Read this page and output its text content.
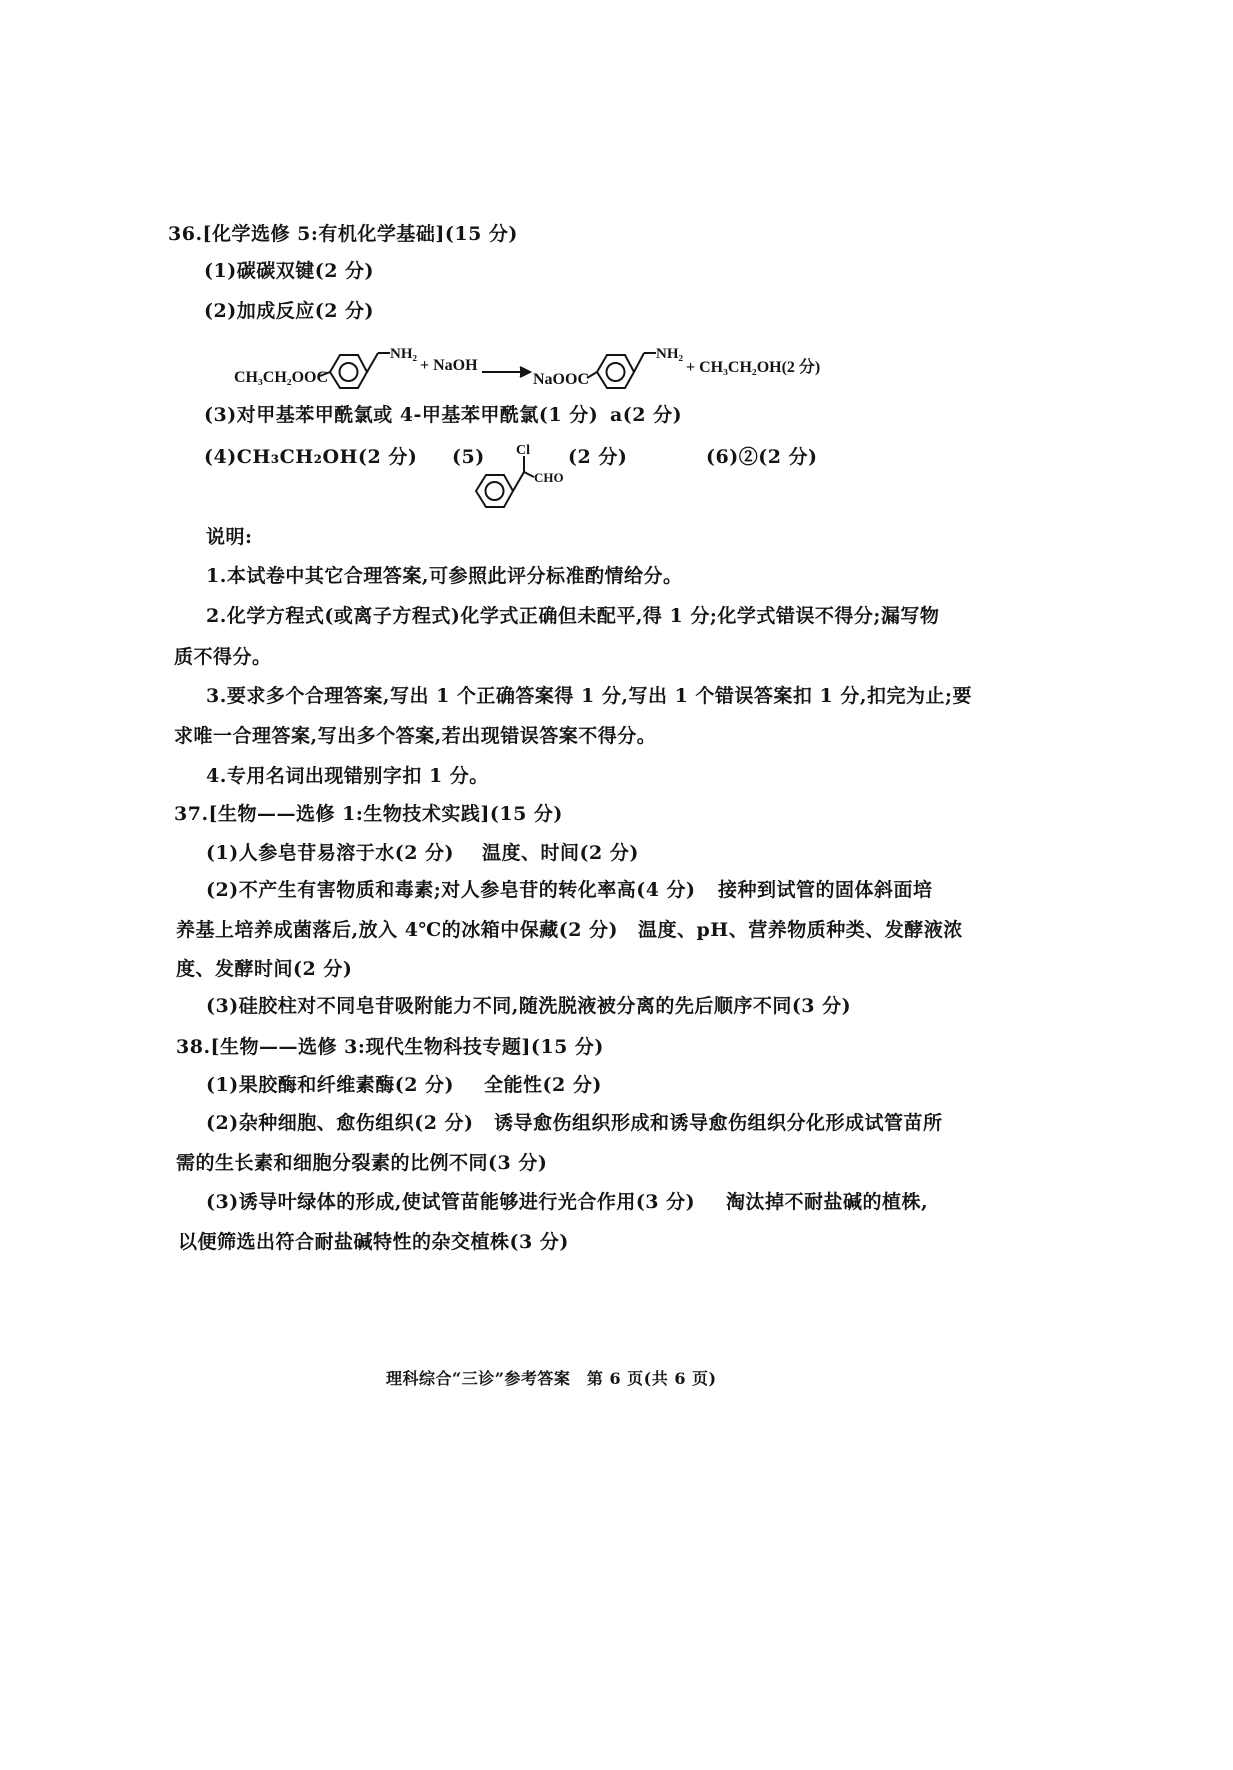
36.[化学选修 5:有机化学基础](15 分)
(1)碳碳双键(2 分)
(2)加成反应(2 分)
CH₃CH₂OOC
NH₂
+ NaOH
NaOOC
NH₂
+ CH₃CH₂OH(2 分)
(3)对甲基苯甲酰氯或 4-甲基苯甲酰氯(1 分) a(2 分)
(4)CH₃CH₂OH(2 分) (5) Cl
CHO
(2 分)	(6)②(2 分)
说明:
1.本试卷中其它合理答案,可参照此评分标准酌情给分。
2.化学方程式(或离子方程式)化学式正确但未配平,得 1 分;化学式错误不得分;漏写物
质不得分。
3.要求多个合理答案,写出 1 个正确答案得 1 分,写出 1 个错误答案扣 1 分,扣完为止;要
求唯一合理答案,写出多个答案,若出现错误答案不得分。
4.专用名词出现错别字扣 1 分。
37.[生物——选修 1:生物技术实践](15 分)
(1)人参皂苷易溶于水(2 分) 温度、时间(2 分)
(2)不产生有害物质和毒素;对人参皂苷的转化率高(4 分) 接种到试管的固体斜面培
养基上培养成菌落后,放入 4℃的冰箱中保藏(2 分) 温度、pH、营养物质种类、发酵液浓
度、发酵时间(2 分)
(3)硅胶柱对不同皂苷吸附能力不同,随洗脱液被分离的先后顺序不同(3 分)
38.[生物——选修 3:现代生物科技专题](15 分)
(1)果胶酶和纤维素酶(2 分) 全能性(2 分)
(2)杂种细胞、愈伤组织(2 分) 诱导愈伤组织形成和诱导愈伤组织分化形成试管苗所
需的生长素和细胞分裂素的比例不同(3 分)
(3)诱导叶绿体的形成,使试管苗能够进行光合作用(3 分) 淘汰掉不耐盐碱的植株,
以便筛选出符合耐盐碱特性的杂交植株(3 分)
理科综合“三诊”参考答案　第 6 页(共 6 页)
